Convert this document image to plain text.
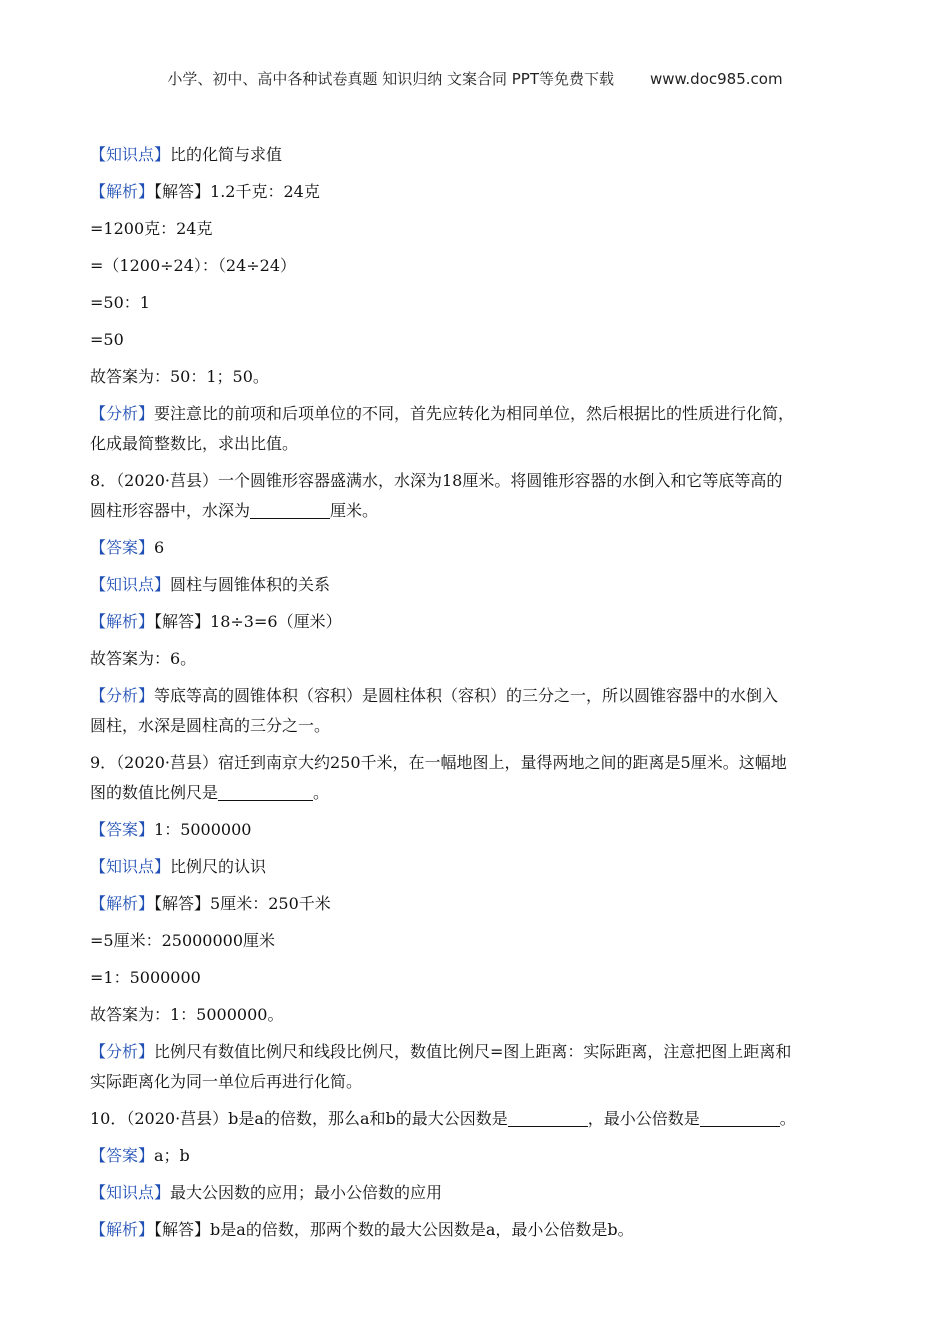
小学、初中、高中各种试卷真题 知识归纳 文案合同 PPT等免费下载 www.doc985.com
【知识点】比的化简与求值
【解析】【解答】1.2千克：24克
=1200克：24克
=（1200÷24）：（24÷24）
=50：1
=50
故答案为：50：1；50。
【分析】要注意比的前项和后项单位的不同，首先应转化为相同单位，然后根据比的性质进行化简，
化成最简整数比，求出比值。
8．（2020·莒县）一个圆锥形容器盛满水，水深为18厘米。将圆锥形容器的水倒入和它等底等高的
圆柱形容器中，水深为	厘米。
【答案】6
【知识点】圆柱与圆锥体积的关系
【解析】【解答】18÷3=6（厘米）
故答案为：6。
【分析】等底等高的圆锥体积（容积）是圆柱体积（容积）的三分之一，所以圆锥容器中的水倒入
圆柱，水深是圆柱高的三分之一。
9．（2020·莒县）宿迁到南京大约250千米，在一幅地图上，量得两地之间的距离是5厘米。这幅地
图的数值比例尺是	。
【答案】1：5000000
【知识点】比例尺的认识
【解析】【解答】5厘米：250千米
=5厘米：25000000厘米
=1：5000000
故答案为：1：5000000。
【分析】比例尺有数值比例尺和线段比例尺，数值比例尺=图上距离：实际距离，注意把图上距离和
实际距离化为同一单位后再进行化简。
10．（2020·莒县）b是a的倍数，那么a和b的最大公因数是	，最小公倍数是	。
【答案】a；b
【知识点】最大公因数的应用；最小公倍数的应用
【解析】【解答】b是a的倍数，那两个数的最大公因数是a，最小公倍数是b。
